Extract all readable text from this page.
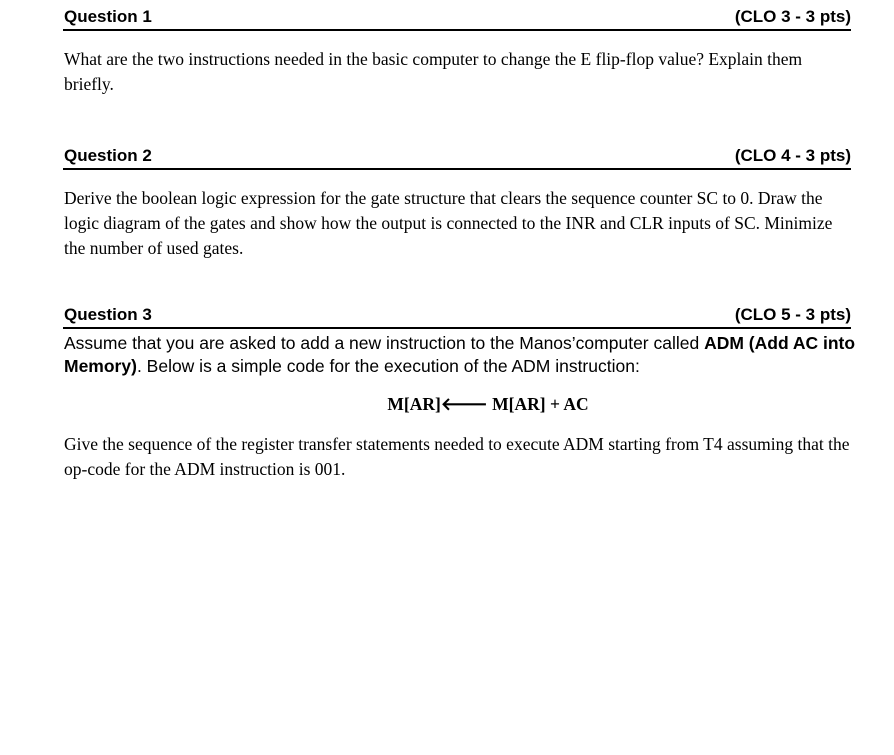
Question 1	(CLO 3 - 3 pts)

What are the two instructions needed in the basic computer to change the E flip-flop value? Explain them briefly.

Question 2	(CLO 4 - 3 pts)

Derive the boolean logic expression for the gate structure that clears the sequence counter SC to 0. Draw the logic diagram of the gates and show how the output is connected to the INR and CLR inputs of SC. Minimize the number of used gates.

Question 3	(CLO 5 - 3 pts)

Assume that you are asked to add a new instruction to the Manos’computer called ADM (Add AC into Memory). Below is a simple code for the execution of the ADM instruction:

M[AR]🡐 M[AR] + AC

Give the sequence of the register transfer statements needed to execute ADM starting from T4 assuming that the op-code for the ADM instruction is 001.
